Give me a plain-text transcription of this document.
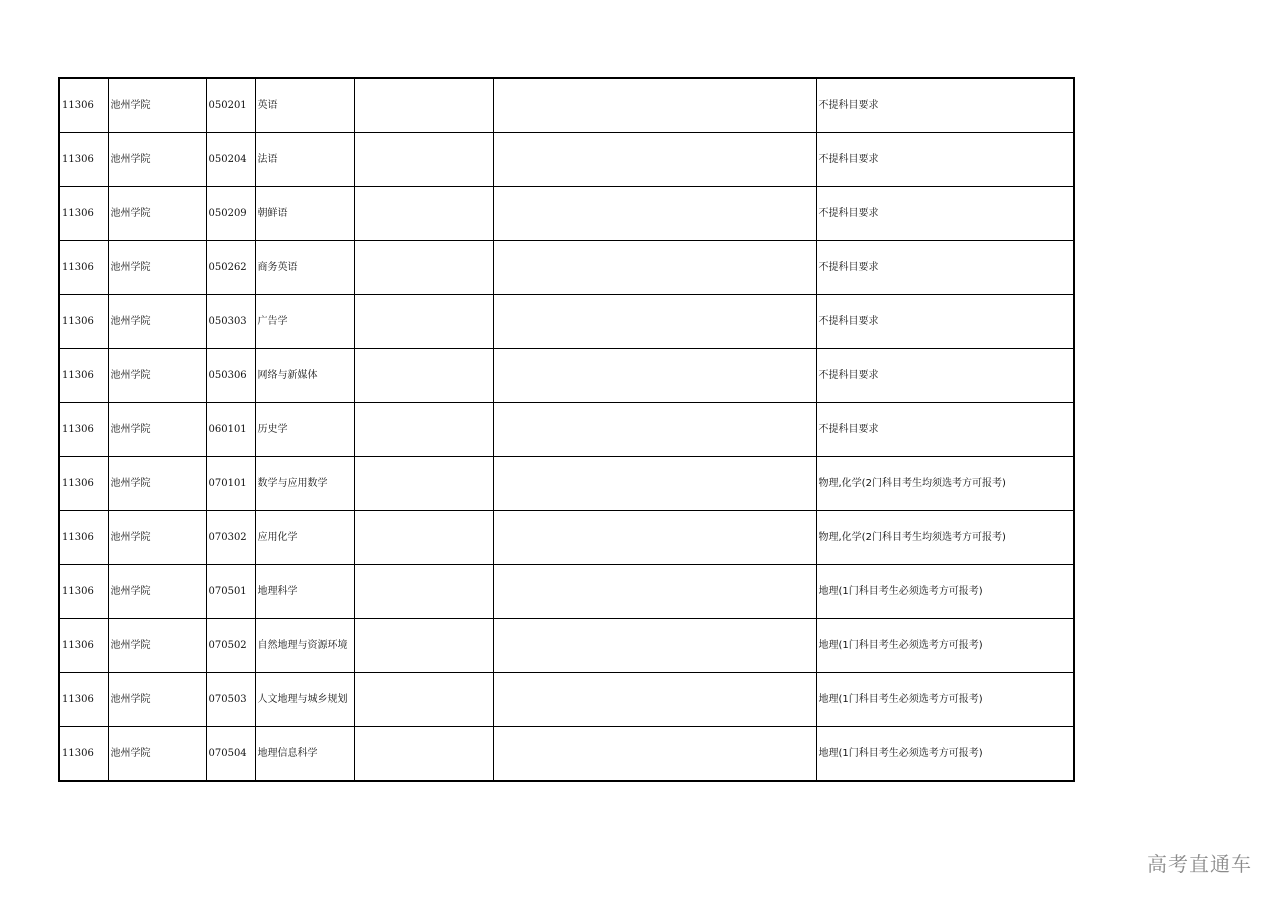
11306	池州学院	050201	英语			不提科目要求
11306	池州学院	050204	法语			不提科目要求
11306	池州学院	050209	朝鲜语			不提科目要求
11306	池州学院	050262	商务英语			不提科目要求
11306	池州学院	050303	广告学			不提科目要求
11306	池州学院	050306	网络与新媒体			不提科目要求
11306	池州学院	060101	历史学			不提科目要求
11306	池州学院	070101	数学与应用数学			物理,化学(2门科目考生均须选考方可报考)
11306	池州学院	070302	应用化学			物理,化学(2门科目考生均须选考方可报考)
11306	池州学院	070501	地理科学			地理(1门科目考生必须选考方可报考)
11306	池州学院	070502	自然地理与资源环境			地理(1门科目考生必须选考方可报考)
11306	池州学院	070503	人文地理与城乡规划			地理(1门科目考生必须选考方可报考)
11306	池州学院	070504	地理信息科学			地理(1门科目考生必须选考方可报考)
高考直通车
